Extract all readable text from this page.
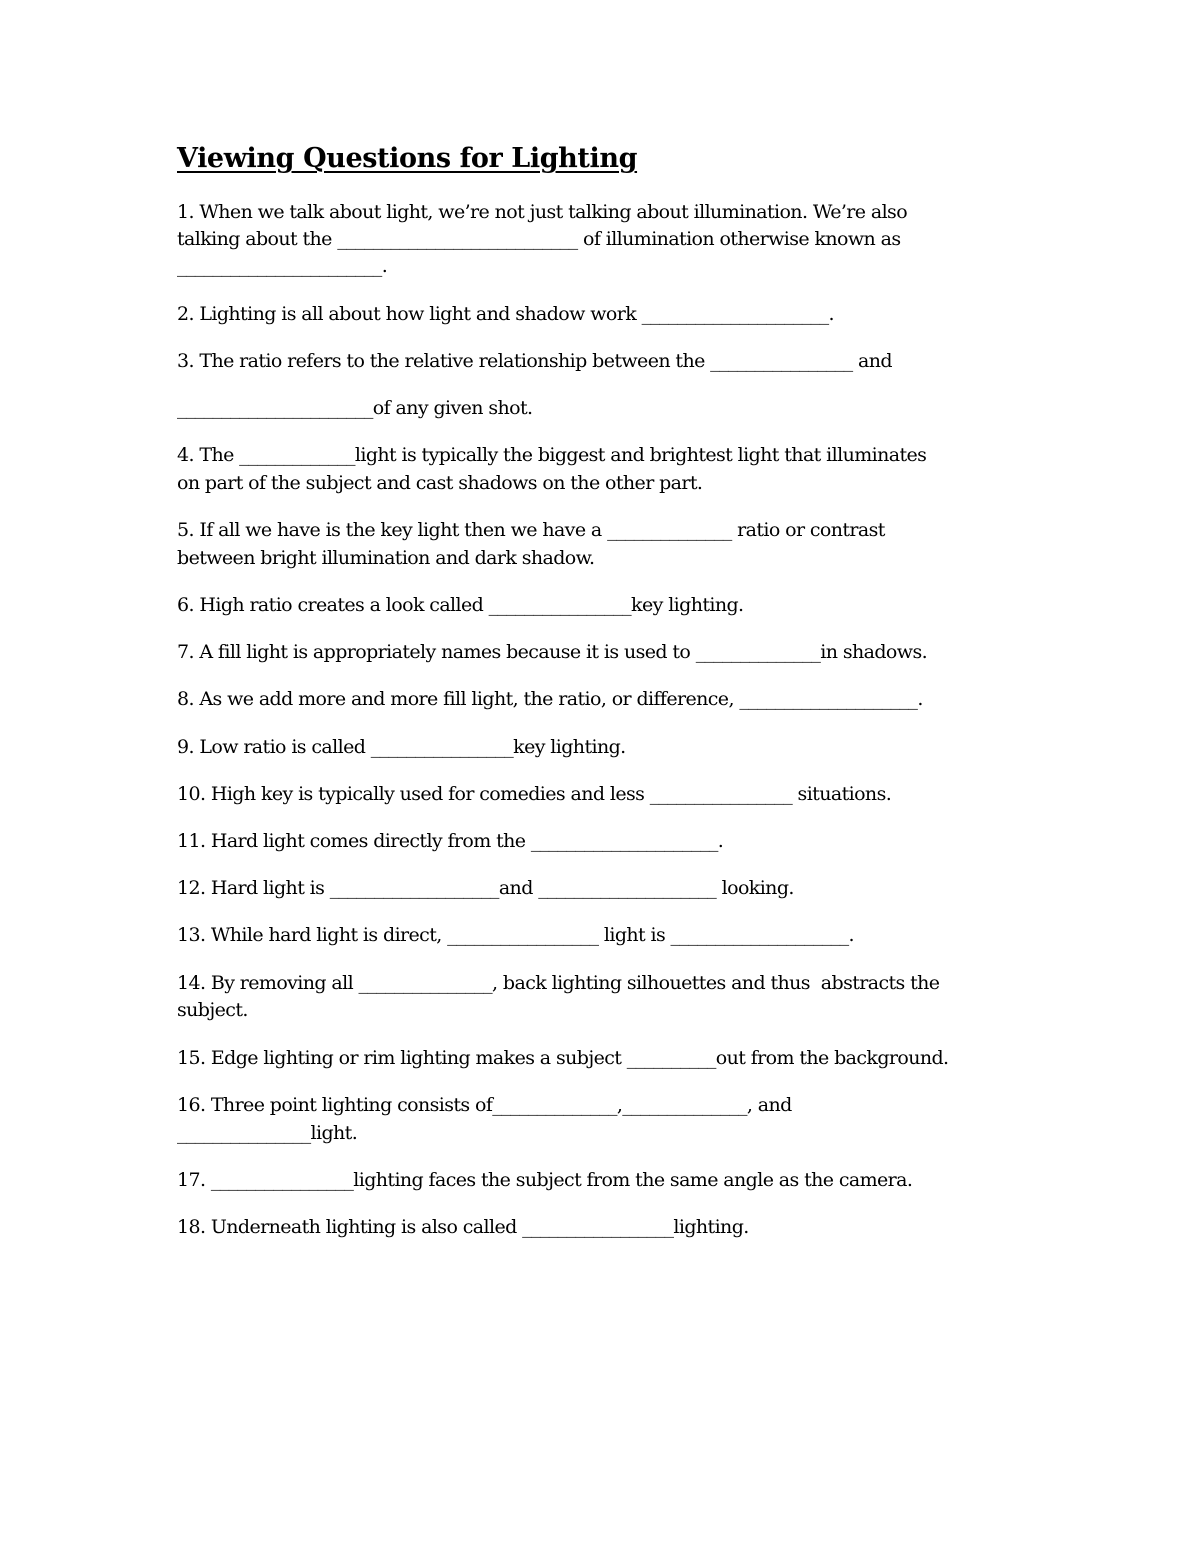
Viewing Questions for Lighting
1. When we talk about light, we’re not just talking about illumination. We’re also
talking about the ___________________________ of illumination otherwise known as
_______________________.
2. Lighting is all about how light and shadow work _____________________.
3. The ratio refers to the relative relationship between the ________________ and
______________________of any given shot.
4. The _____________light is typically the biggest and brightest light that illuminates
on part of the subject and cast shadows on the other part.
5. If all we have is the key light then we have a ______________ ratio or contrast
between bright illumination and dark shadow.
6. High ratio creates a look called ________________key lighting.
7. A fill light is appropriately names because it is used to ______________in shadows.
8. As we add more and more fill light, the ratio, or difference, ____________________.
9. Low ratio is called ________________key lighting.
10. High key is typically used for comedies and less ________________ situations.
11. Hard light comes directly from the _____________________.
12. Hard light is ___________________and ____________________ looking.
13. While hard light is direct, _________________ light is ____________________.
14. By removing all _______________, back lighting silhouettes and thus  abstracts the
subject.
15. Edge lighting or rim lighting makes a subject __________out from the background.
16. Three point lighting consists of______________,______________, and
_______________light.
17. ________________lighting faces the subject from the same angle as the camera.
18. Underneath lighting is also called _________________lighting.
